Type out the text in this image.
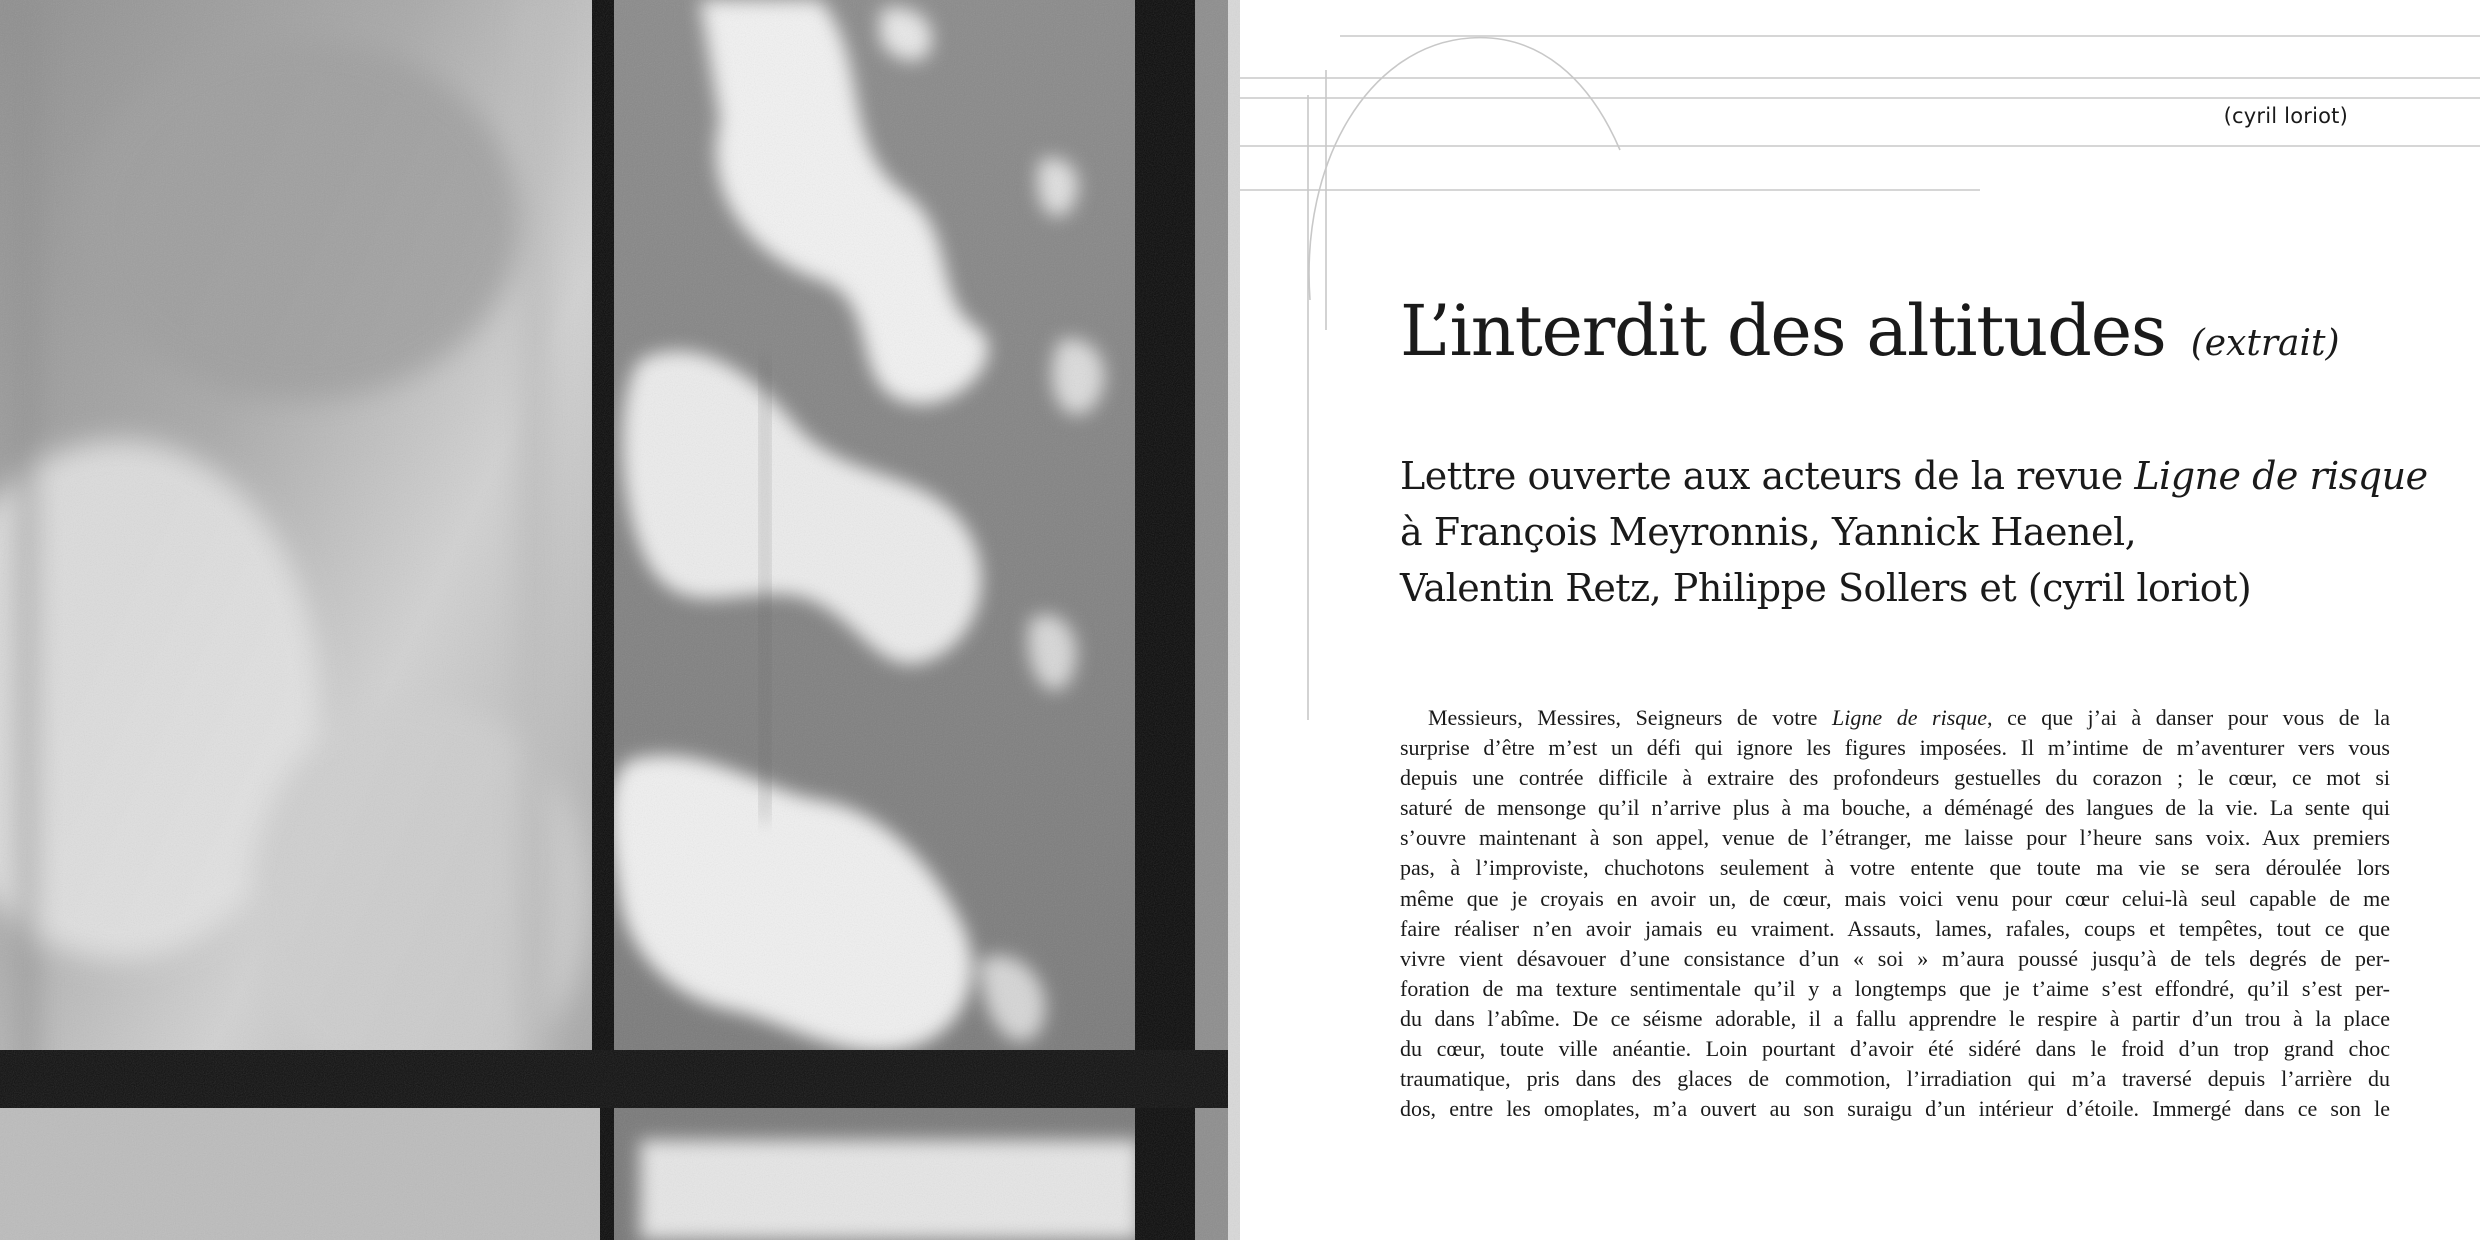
(cyril loriot)
L’interdit des altitudes (extrait)

Lettre ouverte aux acteurs de la revue Ligne de risque
à François Meyronnis, Yannick Haenel,
Valentin Retz, Philippe Sollers et (cyril loriot)

Messieurs, Messires, Seigneurs de votre Ligne de risque, ce que j’ai à danser pour vous de la
surprise d’être m’est un défi qui ignore les figures imposées. Il m’intime de m’aventurer vers vous
depuis une contrée difficile à extraire des profondeurs gestuelles du corazon ; le cœur, ce mot si
saturé de mensonge qu’il n’arrive plus à ma bouche, a déménagé des langues de la vie. La sente qui
s’ouvre maintenant à son appel, venue de l’étranger, me laisse pour l’heure sans voix. Aux premiers
pas, à l’improviste, chuchotons seulement à votre entente que toute ma vie se sera déroulée lors
même que je croyais en avoir un, de cœur, mais voici venu pour cœur celui-là seul capable de me
faire réaliser n’en avoir jamais eu vraiment. Assauts, lames, rafales, coups et tempêtes, tout ce que
vivre vient désavouer d’une consistance d’un « soi » m’aura poussé jusqu’à de tels degrés de per-
foration de ma texture sentimentale qu’il y a longtemps que je t’aime s’est effondré, qu’il s’est per-
du dans l’abîme. De ce séisme adorable, il a fallu apprendre le respire à partir d’un trou à la place
du cœur, toute ville anéantie. Loin pourtant d’avoir été sidéré dans le froid d’un trop grand choc
traumatique, pris dans des glaces de commotion, l’irradiation qui m’a traversé depuis l’arrière du
dos, entre les omoplates, m’a ouvert au son suraigu d’un intérieur d’étoile. Immergé dans ce son le
